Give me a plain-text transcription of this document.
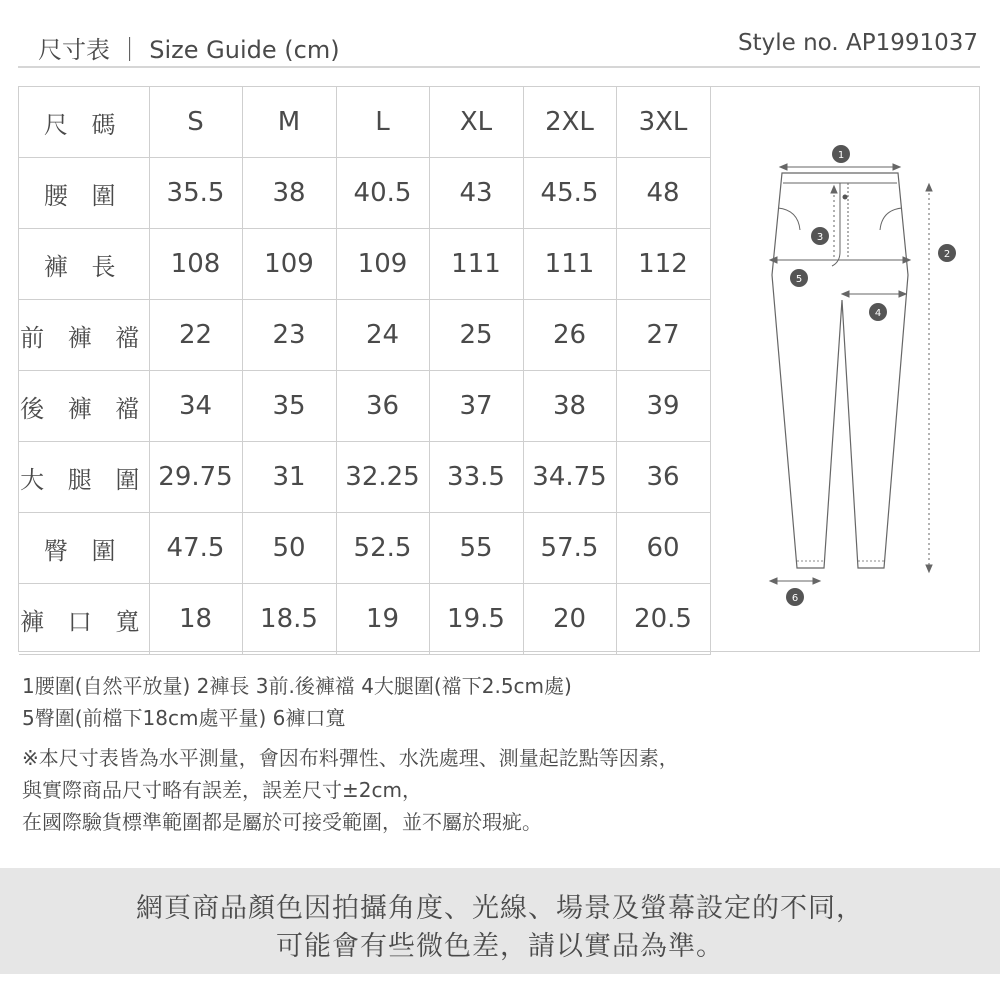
尺寸表 ｜ Size Guide (cm)	Style no. AP1991037
尺 碼	S	M	L	XL	2XL	3XL
腰 圍	35.5	38	40.5	43	45.5	48
褲 長	108	109	109	111	111	112
前 褲 襠	22	23	24	25	26	27
後 褲 襠	34	35	36	37	38	39
大 腿 圍	29.75	31	32.25	33.5	34.75	36
臀 圍	47.5	50	52.5	55	57.5	60
褲 口 寬	18	18.5	19	19.5	20	20.5
1
2
3
4
5
6
1腰圍(自然平放量) 2褲長 3前.後褲襠 4大腿圍(襠下2.5cm處)
5臀圍(前檔下18cm處平量) 6褲口寬
※本尺寸表皆為水平測量，會因布料彈性、水洗處理、測量起訖點等因素，
與實際商品尺寸略有誤差，誤差尺寸±2cm，
在國際驗貨標準範圍都是屬於可接受範圍，並不屬於瑕疵。
網頁商品顏色因拍攝角度、光線、場景及螢幕設定的不同，
可能會有些微色差，請以實品為準。
